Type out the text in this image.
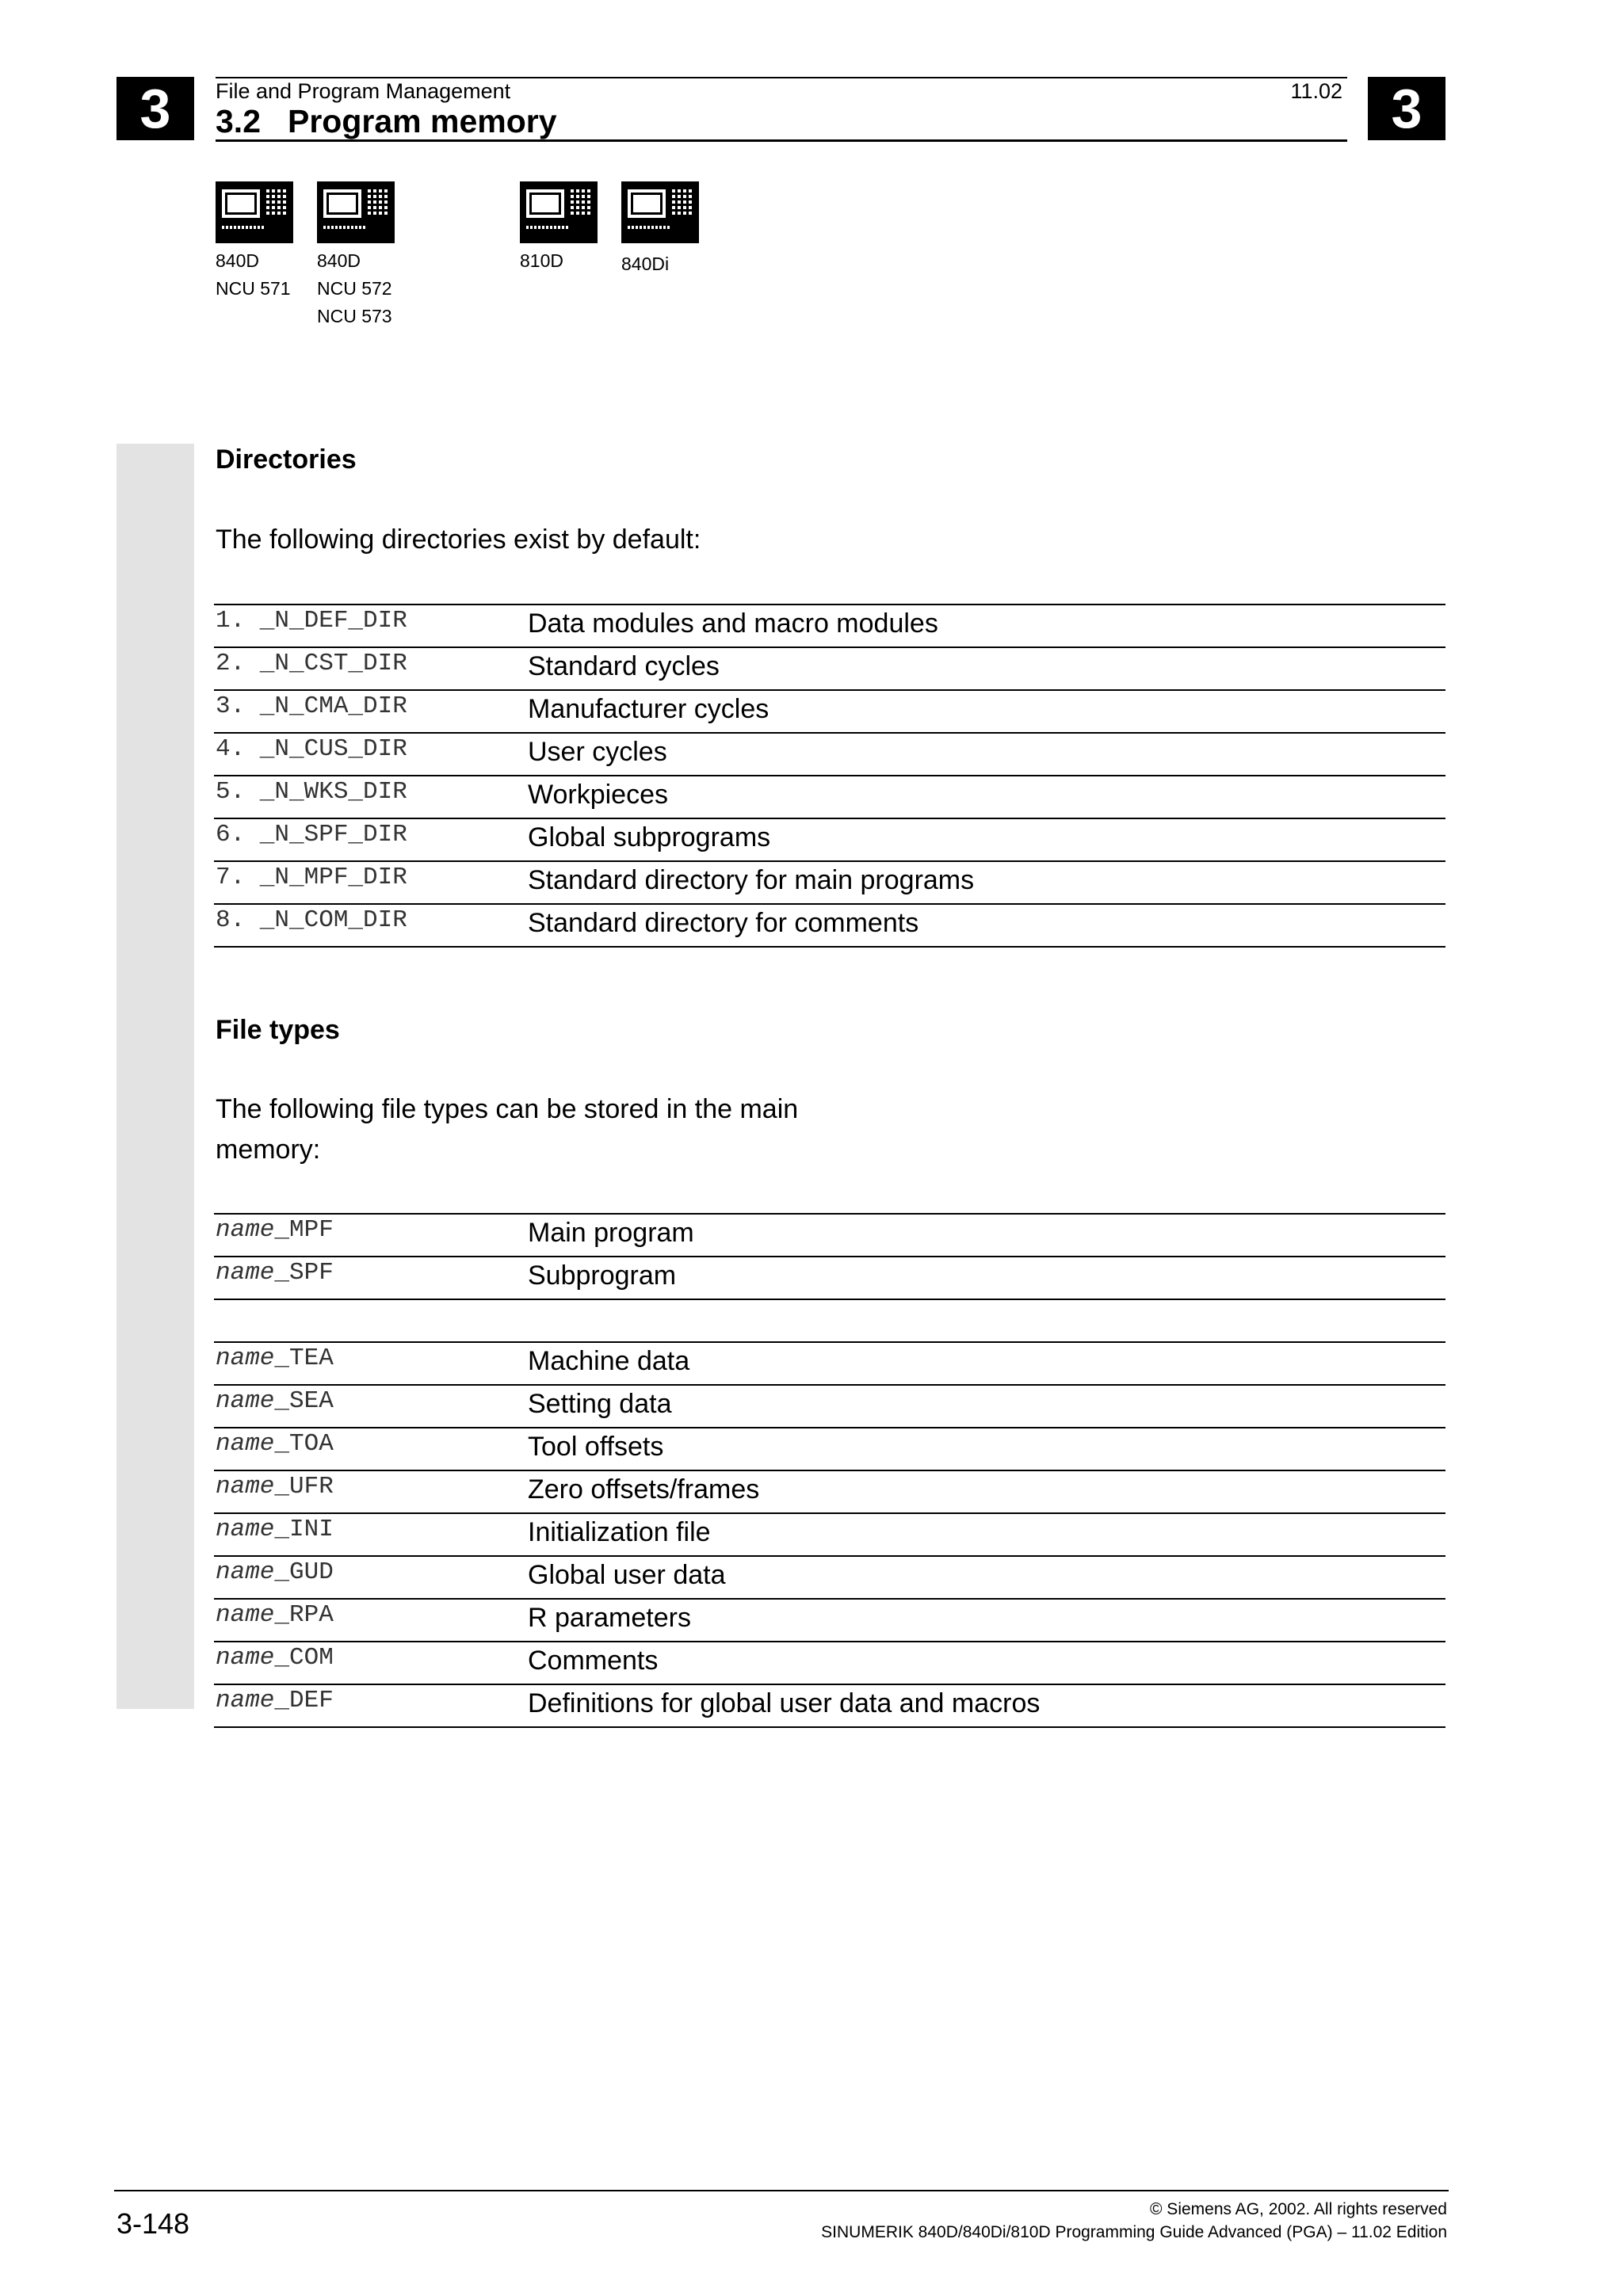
3	3
File and Program Management	11.02
3.2 Program memory
840D
NCU 571
840D
NCU 572
NCU 573
810D	840Di
Directories
The following directories exist by default:
1. _N_DEF_DIR	Data modules and macro modules
2. _N_CST_DIR	Standard cycles
3. _N_CMA_DIR	Manufacturer cycles
4. _N_CUS_DIR	User cycles
5. _N_WKS_DIR	Workpieces
6. _N_SPF_DIR	Global subprograms
7. _N_MPF_DIR	Standard directory for main programs
8. _N_COM_DIR	Standard directory for comments
File types
The following file types can be stored in the main
memory:
name_MPF	Main program
name_SPF	Subprogram
name_TEA	Machine data
name_SEA	Setting data
name_TOA	Tool offsets
name_UFR	Zero offsets/frames
name_INI	Initialization file
name_GUD	Global user data
name_RPA	R parameters
name_COM	Comments
name_DEF	Definitions for global user data and macros
3-148	© Siemens AG, 2002. All rights reserved
SINUMERIK 840D/840Di/810D Programming Guide Advanced (PGA) – 11.02 Edition
